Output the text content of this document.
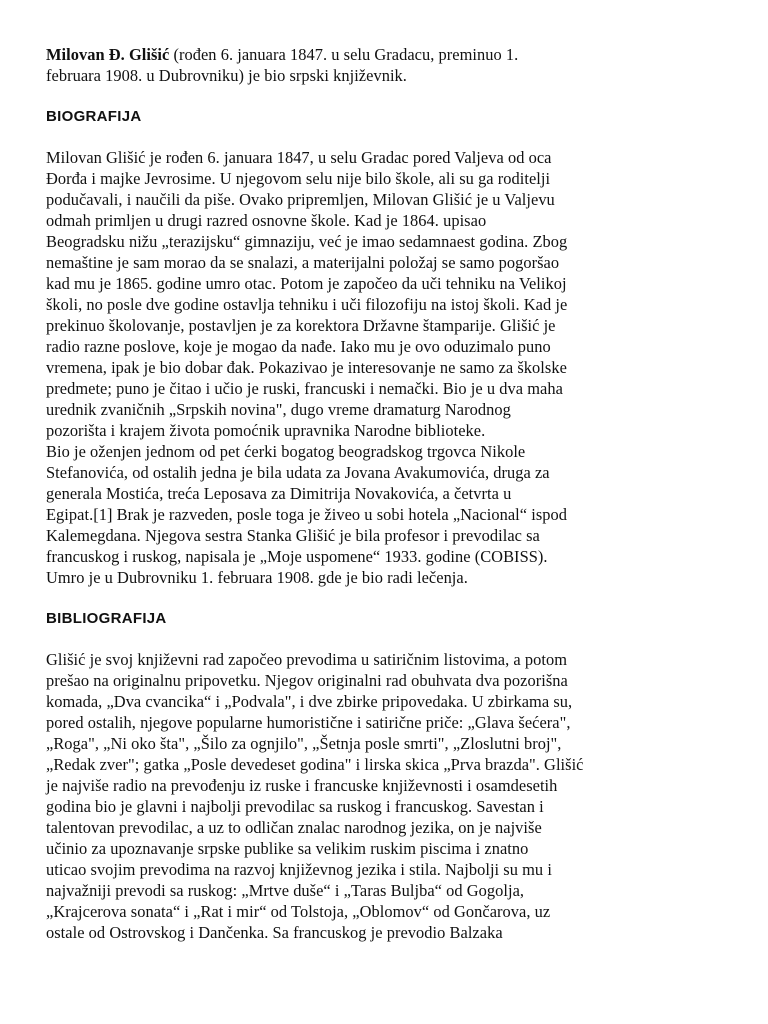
Milovan Đ. Glišić (rođen 6. januara 1847. u selu Gradacu, preminuo 1.
februara 1908. u Dubrovniku) je bio srpski književnik.

BIOGRAFIJA

Milovan Glišić je rođen 6. januara 1847, u selu Gradac pored Valjeva od oca
Đorđa i majke Jevrosime. U njegovom selu nije bilo škole, ali su ga roditelji
podučavali, i naučili da piše. Ovako pripremljen, Milovan Glišić je u Valjevu
odmah primljen u drugi razred osnovne škole. Kad je 1864. upisao
Beogradsku nižu „terazijsku“ gimnaziju, već je imao sedamnaest godina. Zbog
nemaštine je sam morao da se snalazi, a materijalni položaj se samo pogoršao
kad mu je 1865. godine umro otac. Potom je započeo da uči tehniku na Velikoj
školi, no posle dve godine ostavlja tehniku i uči filozofiju na istoj školi. Kad je
prekinuo školovanje, postavljen je za korektora Državne štamparije. Glišić je
radio razne poslove, koje je mogao da nađe. Iako mu je ovo oduzimalo puno
vremena, ipak je bio dobar đak. Pokazivao je interesovanje ne samo za školske
predmete; puno je čitao i učio je ruski, francuski i nemački. Bio je u dva maha
urednik zvaničnih „Srpskih novina", dugo vreme dramaturg Narodnog
pozorišta i krajem života pomoćnik upravnika Narodne biblioteke.
Bio je oženjen jednom od pet ćerki bogatog beogradskog trgovca Nikole
Stefanovića, od ostalih jedna je bila udata za Jovana Avakumovića, druga za
generala Mostića, treća Leposava za Dimitrija Novakovića, a četvrta u
Egipat.[1] Brak je razveden, posle toga je živeo u sobi hotela „Nacional“ ispod
Kalemegdana. Njegova sestra Stanka Glišić je bila profesor i prevodilac sa
francuskog i ruskog, napisala je „Moje uspomene“ 1933. godine (COBISS).
Umro je u Dubrovniku 1. februara 1908. gde je bio radi lečenja.

BIBLIOGRAFIJA

Glišić je svoj književni rad započeo prevodima u satiričnim listovima, a potom
prešao na originalnu pripovetku. Njegov originalni rad obuhvata dva pozorišna
komada, „Dva cvancika“ i „Podvala", i dve zbirke pripovedaka. U zbirkama su,
pored ostalih, njegove popularne humoristične i satirične priče: „Glava šećera",
„Roga", „Ni oko šta", „Šilo za ognjilo", „Šetnja posle smrti", „Zloslutni broj",
„Redak zver"; gatka „Posle devedeset godina" i lirska skica „Prva brazda". Glišić
je najviše radio na prevođenju iz ruske i francuske književnosti i osamdesetih
godina bio je glavni i najbolji prevodilac sa ruskog i francuskog. Savestan i
talentovan prevodilac, a uz to odličan znalac narodnog jezika, on je najviše
učinio za upoznavanje srpske publike sa velikim ruskim piscima i znatno
uticao svojim prevodima na razvoj književnog jezika i stila. Najbolji su mu i
najvažniji prevodi sa ruskog: „Mrtve duše“ i „Taras Buljba“ od Gogolja,
„Krajcerova sonata“ i „Rat i mir“ od Tolstoja, „Oblomov“ od Gončarova, uz
ostale od Ostrovskog i Dančenka. Sa francuskog je prevodio Balzaka
